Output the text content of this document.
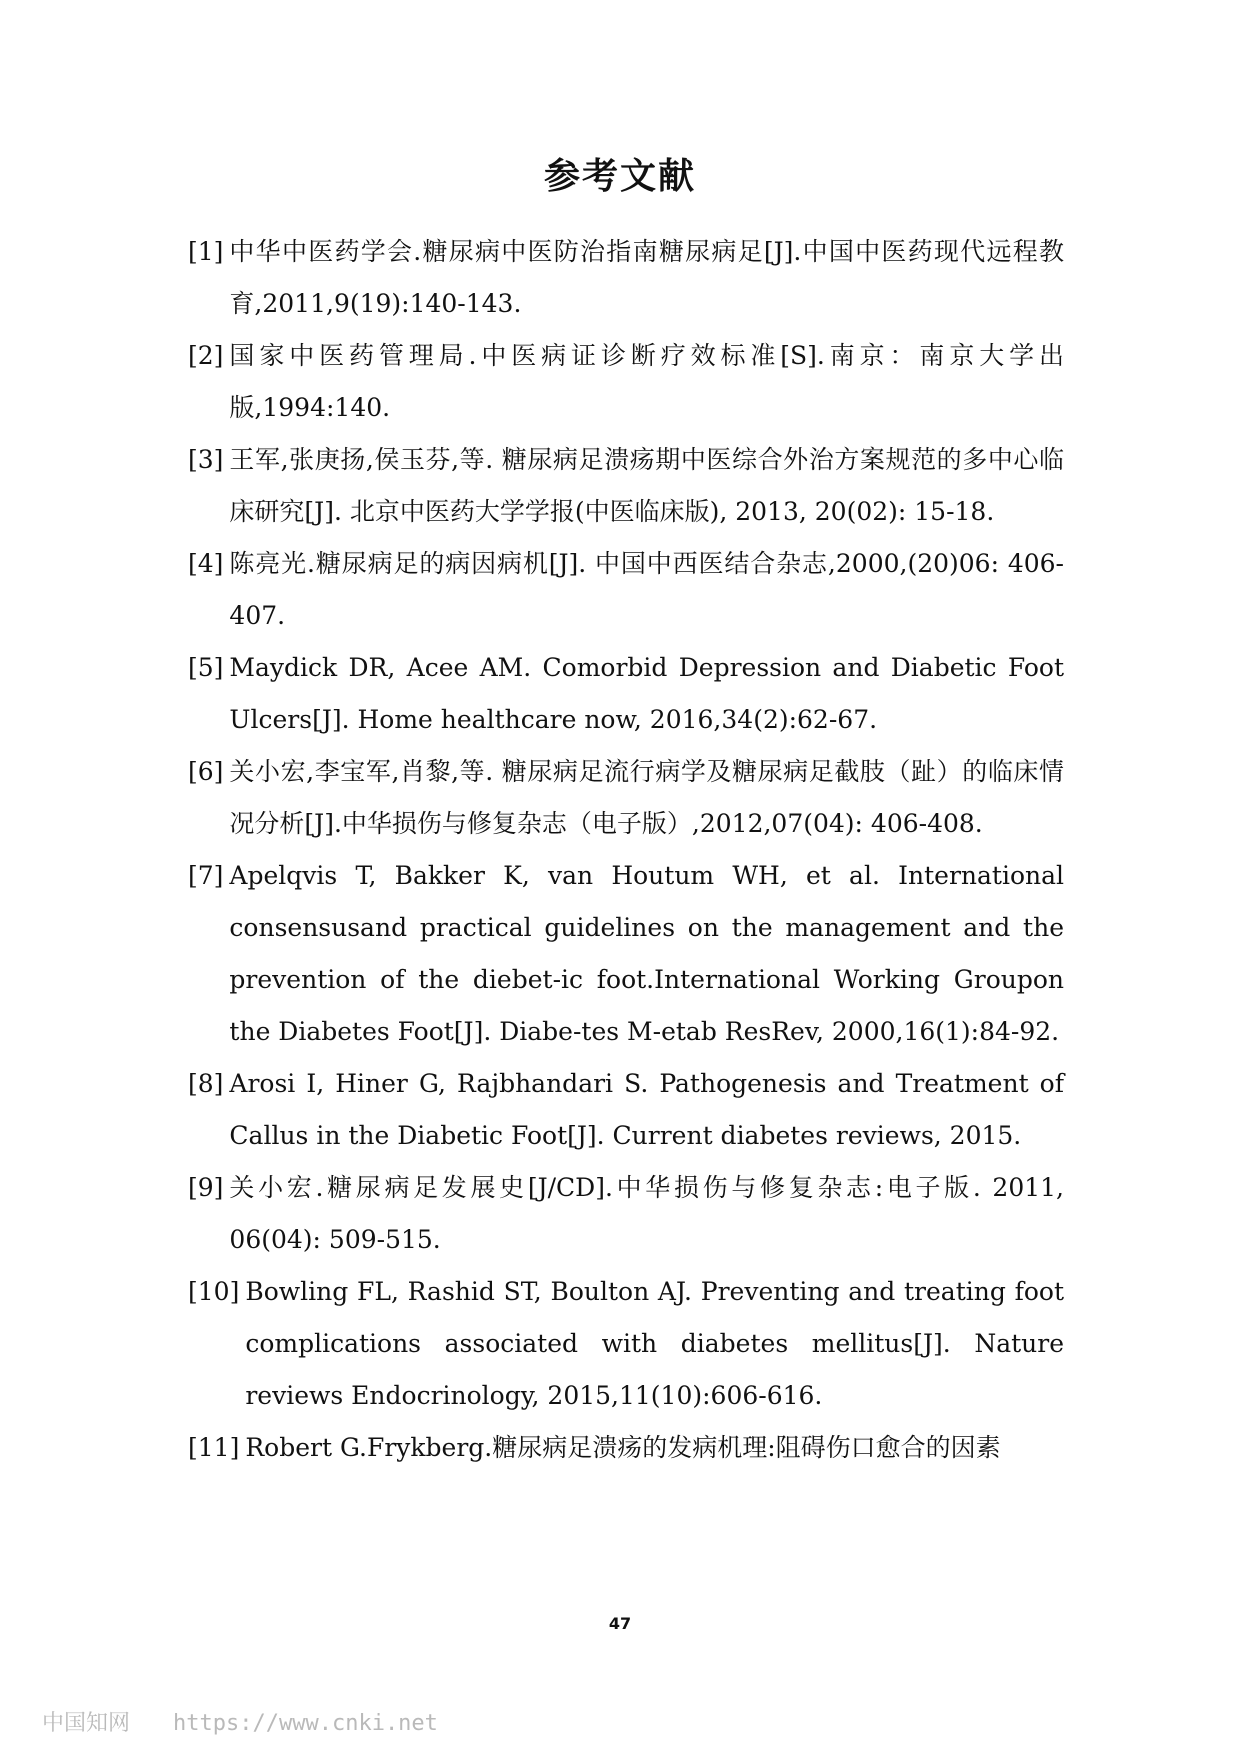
参考文献
[1] 中华中医药学会.糖尿病中医防治指南糖尿病足[J].中国中医药现代远程教育,2011,9(19):140-143.
[2] 国家中医药管理局.中医病证诊断疗效标准[S].南京：南京大学出版,1994:140.
[3] 王军,张庚扬,侯玉芬,等. 糖尿病足溃疡期中医综合外治方案规范的多中心临床研究[J]. 北京中医药大学学报(中医临床版), 2013, 20(02): 15-18.
[4] 陈亮光.糖尿病足的病因病机[J]. 中国中西医结合杂志,2000,(20)06: 406-407.
[5] Maydick DR, Acee AM. Comorbid Depression and Diabetic Foot Ulcers[J]. Home healthcare now, 2016,34(2):62-67.
[6] 关小宏,李宝军,肖黎,等. 糖尿病足流行病学及糖尿病足截肢（趾）的临床情况分析[J].中华损伤与修复杂志（电子版）,2012,07(04): 406-408.
[7] Apelqvis T, Bakker K, van Houtum WH, et al. International consensusand practical guidelines on the management and the prevention of the diebet-ic foot.International Working Groupon the Diabetes Foot[J]. Diabe-tes M-etab ResRev, 2000,16(1):84-92.
[8] Arosi I, Hiner G, Rajbhandari S. Pathogenesis and Treatment of Callus in the Diabetic Foot[J]. Current diabetes reviews, 2015.
[9] 关小宏.糖尿病足发展史[J/CD].中华损伤与修复杂志:电子版. 2011, 06(04): 509-515.
[10] Bowling FL, Rashid ST, Boulton AJ. Preventing and treating foot complications associated with diabetes mellitus[J]. Nature reviews Endocrinology, 2015,11(10):606-616.
[11] Robert G.Frykberg.糖尿病足溃疡的发病机理:阻碍伤口愈合的因素
47
中国知网 https://www.cnki.net
